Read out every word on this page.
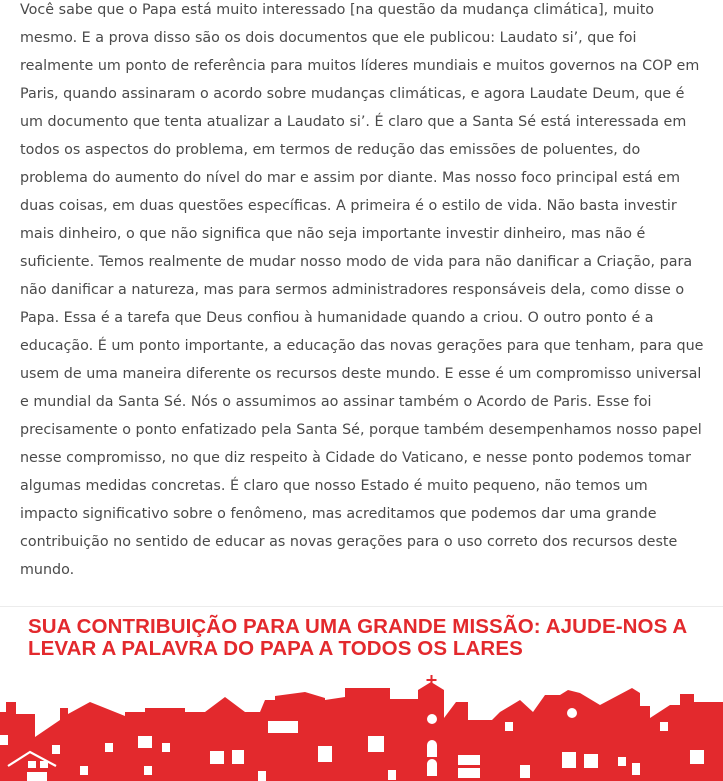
Você sabe que o Papa está muito interessado [na questão da mudança climática], muito mesmo. E a prova disso são os dois documentos que ele publicou: Laudato si’, que foi realmente um ponto de referência para muitos líderes mundiais e muitos governos na COP em Paris, quando assinaram o acordo sobre mudanças climáticas, e agora Laudate Deum, que é um documento que tenta atualizar a Laudato si’. É claro que a Santa Sé está interessada em todos os aspectos do problema, em termos de redução das emissões de poluentes, do problema do aumento do nível do mar e assim por diante. Mas nosso foco principal está em duas coisas, em duas questões específicas. A primeira é o estilo de vida. Não basta investir mais dinheiro, o que não significa que não seja importante investir dinheiro, mas não é suficiente. Temos realmente de mudar nosso modo de vida para não danificar a Criação, para não danificar a natureza, mas para sermos administradores responsáveis dela, como disse o Papa. Essa é a tarefa que Deus confiou à humanidade quando a criou. O outro ponto é a educação. É um ponto importante, a educação das novas gerações para que tenham, para que usem de uma maneira diferente os recursos deste mundo. E esse é um compromisso universal e mundial da Santa Sé. Nós o assumimos ao assinar também o Acordo de Paris. Esse foi precisamente o ponto enfatizado pela Santa Sé, porque também desempenhamos nosso papel nesse compromisso, no que diz respeito à Cidade do Vaticano, e nesse ponto podemos tomar algumas medidas concretas. É claro que nosso Estado é muito pequeno, não temos um impacto significativo sobre o fenômeno, mas acreditamos que podemos dar uma grande contribuição no sentido de educar as novas gerações para o uso correto dos recursos deste mundo.

SUA CONTRIBUIÇÃO PARA UMA GRANDE MISSÃO: AJUDE-NOS A LEVAR A PALAVRA DO PAPA A TODOS OS LARES
